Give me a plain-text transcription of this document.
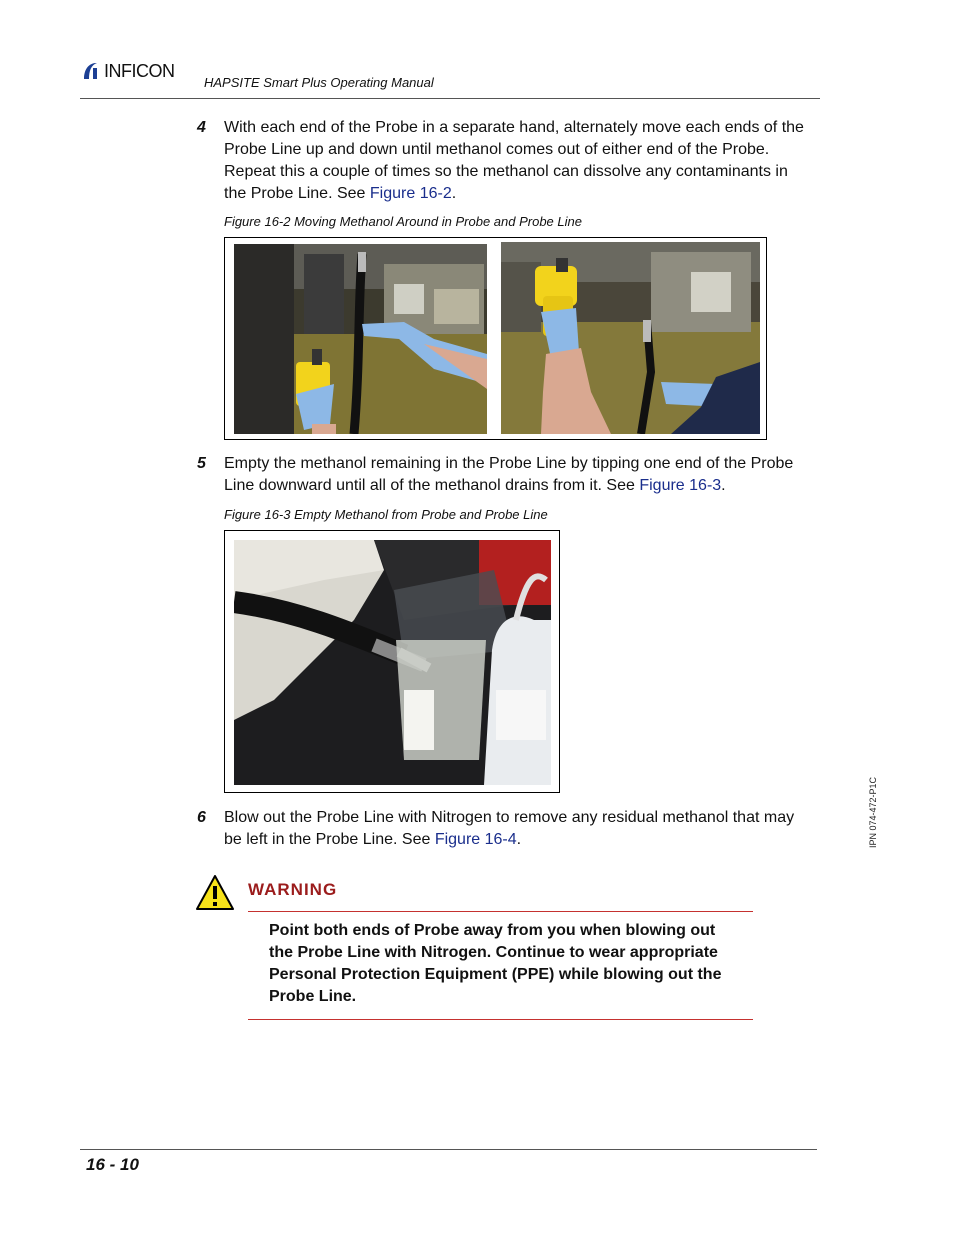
INFICON
HAPSITE Smart Plus Operating Manual
4 With each end of the Probe in a separate hand, alternately move each ends of the Probe Line up and down until methanol comes out of either end of the Probe. Repeat this a couple of times so the methanol can dissolve any contaminants in the Probe Line. See Figure 16-2.
Figure 16-2 Moving Methanol Around in Probe and Probe Line
5 Empty the methanol remaining in the Probe Line by tipping one end of the Probe Line downward until all of the methanol drains from it. See Figure 16-3.
Figure 16-3 Empty Methanol from Probe and Probe Line
6 Blow out the Probe Line with Nitrogen to remove any residual methanol that may be left in the Probe Line. See Figure 16-4.
WARNING
Point both ends of Probe away from you when blowing out the Probe Line with Nitrogen. Continue to wear appropriate Personal Protection Equipment (PPE) while blowing out the Probe Line.
IPN 074-472-P1C
16 - 10
